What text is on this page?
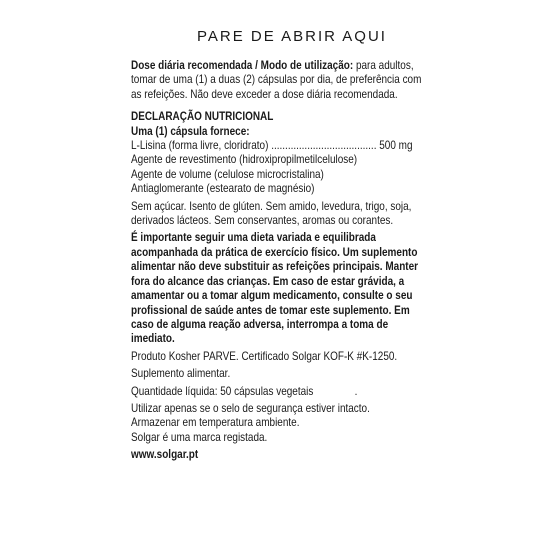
PARE DE ABRIR AQUI

Dose diária recomendada / Modo de utilização: para adultos, tomar de uma (1) a duas (2) cápsulas por dia, de preferência com as refeições. Não deve exceder a dose diária recomendada.

DECLARAÇÃO NUTRICIONAL

Uma (1) cápsula fornece:

L-Lisina (forma livre, cloridrato) ...................................... 500 mg

Agente de revestimento (hidroxipropilmetilcelulose)

Agente de volume (celulose microcristalina)

Antiaglomerante (estearato de magnésio)

Sem açúcar. Isento de glúten. Sem amido, levedura, trigo, soja, derivados lácteos. Sem conservantes, aromas ou corantes.

É importante seguir uma dieta variada e equilibrada acompanhada da prática de exercício físico. Um suplemento alimentar não deve substituir as refeições principais. Manter fora do alcance das crianças. Em caso de estar grávida, a amamentar ou a tomar algum medicamento, consulte o seu profissional de saúde antes de tomar este suplemento. Em caso de alguma reação adversa, interrompa a toma de imediato.

Produto Kosher PARVE. Certificado Solgar KOF-K #K-1250.

Suplemento alimentar.

Quantidade líquida: 50 cápsulas vegetais	.

Utilizar apenas se o selo de segurança estiver intacto.

Armazenar em temperatura ambiente.

Solgar é uma marca registada.

www.solgar.pt
